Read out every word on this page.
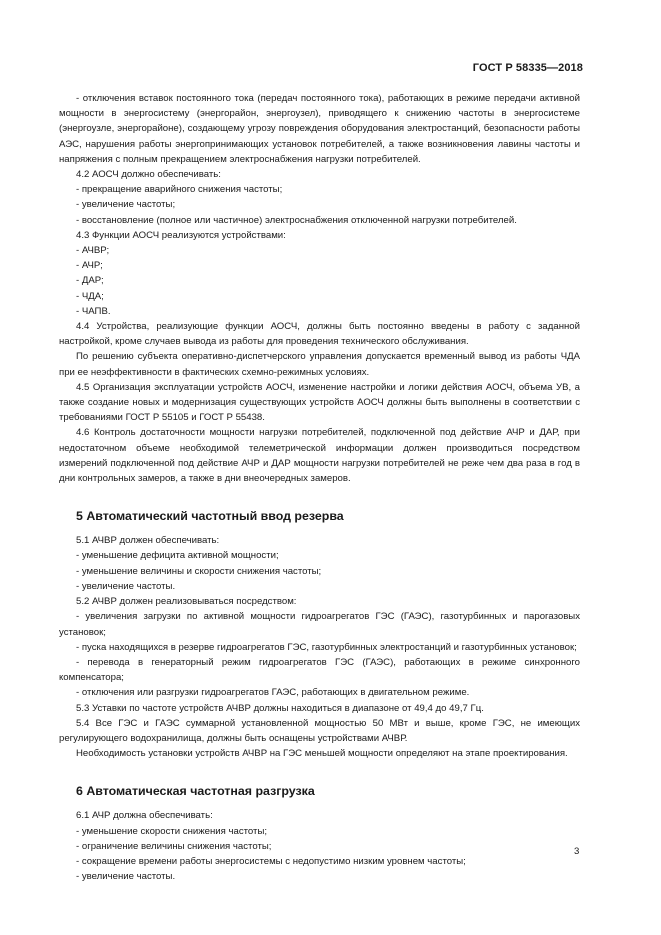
ГОСТ Р 58335—2018

- отключения вставок постоянного тока (передач постоянного тока), работающих в режиме передачи активной мощности в энергосистему (энергорайон, энергоузел), приводящего к снижению частоты в энергосистеме (энергоузле, энергорайоне), создающему угрозу повреждения оборудования электростанций, безопасности работы АЭС, нарушения работы энергопринимающих установок потребителей, а также возникновения лавины частоты и напряжения с полным прекращением электроснабжения нагрузки потребителей.

4.2 АОСЧ должно обеспечивать:

- прекращение аварийного снижения частоты;

- увеличение частоты;

- восстановление (полное или частичное) электроснабжения отключенной нагрузки потребителей.

4.3 Функции АОСЧ реализуются устройствами:

- АЧВР;

- АЧР;

- ДАР;

- ЧДА;

- ЧАПВ.

4.4 Устройства, реализующие функции АОСЧ, должны быть постоянно введены в работу с заданной настройкой, кроме случаев вывода из работы для проведения технического обслуживания.

По решению субъекта оперативно-диспетчерского управления допускается временный вывод из работы ЧДА при ее неэффективности в фактических схемно-режимных условиях.

4.5 Организация эксплуатации устройств АОСЧ, изменение настройки и логики действия АОСЧ, объема УВ, а также создание новых и модернизация существующих устройств АОСЧ должны быть выполнены в соответствии с требованиями ГОСТ Р 55105 и ГОСТ Р 55438.

4.6 Контроль достаточности мощности нагрузки потребителей, подключенной под действие АЧР и ДАР, при недостаточном объеме необходимой телеметрической информации должен производиться посредством измерений подключенной под действие АЧР и ДАР мощности нагрузки потребителей не реже чем два раза в год в дни контрольных замеров, а также в дни внеочередных замеров.

5 Автоматический частотный ввод резерва

5.1 АЧВР должен обеспечивать:

- уменьшение дефицита активной мощности;

- уменьшение величины и скорости снижения частоты;

- увеличение частоты.

5.2 АЧВР должен реализовываться посредством:

- увеличения загрузки по активной мощности гидроагрегатов ГЭС (ГАЭС), газотурбинных и парогазовых установок;

- пуска находящихся в резерве гидроагрегатов ГЭС, газотурбинных электростанций и газотурбинных установок;

- перевода в генераторный режим гидроагрегатов ГЭС (ГАЭС), работающих в режиме синхронного компенсатора;

- отключения или разгрузки гидроагрегатов ГАЭС, работающих в двигательном режиме.

5.3 Уставки по частоте устройств АЧВР должны находиться в диапазоне от 49,4 до 49,7 Гц.

5.4 Все ГЭС и ГАЭС суммарной установленной мощностью 50 МВт и выше, кроме ГЭС, не имеющих регулирующего водохранилища, должны быть оснащены устройствами АЧВР.

Необходимость установки устройств АЧВР на ГЭС меньшей мощности определяют на этапе проектирования.

6 Автоматическая частотная разгрузка

6.1 АЧР должна обеспечивать:

- уменьшение скорости снижения частоты;

- ограничение величины снижения частоты;

- сокращение времени работы энергосистемы с недопустимо низким уровнем частоты;

- увеличение частоты.

3
